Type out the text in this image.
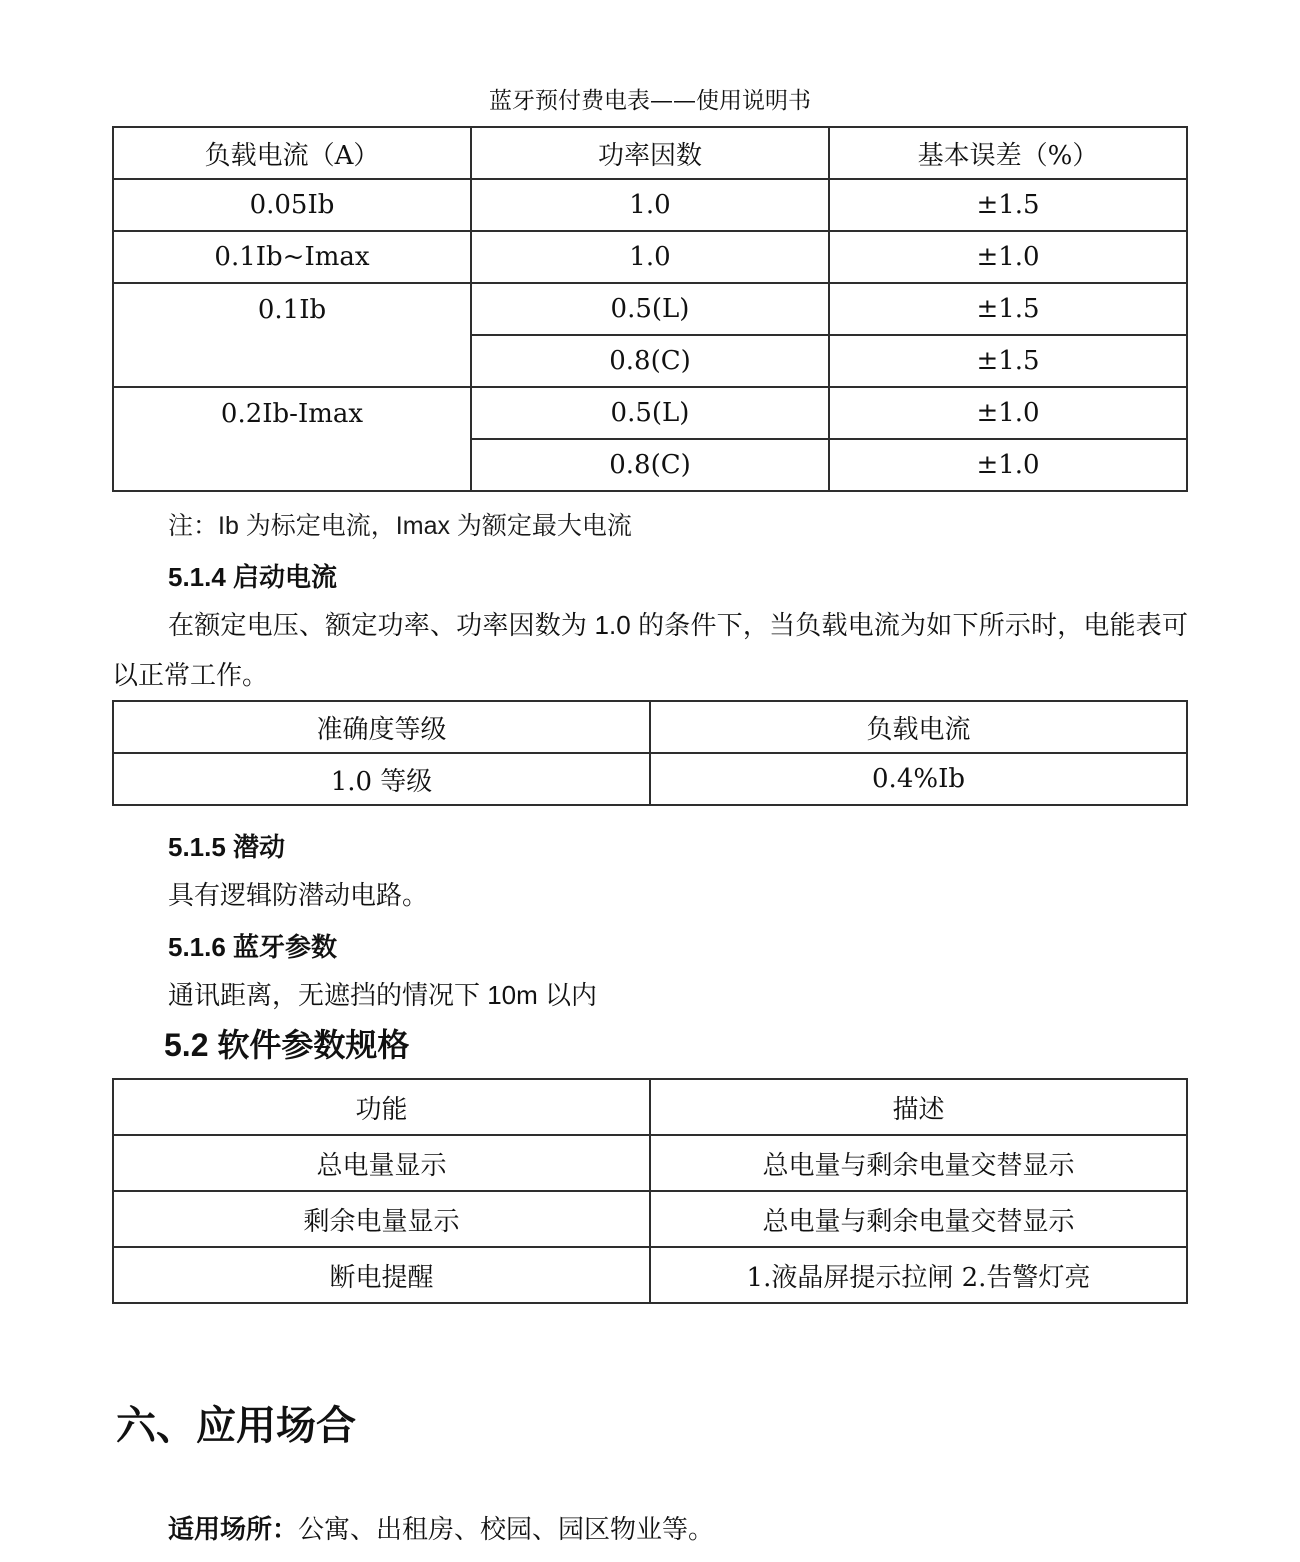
蓝牙预付费电表——使用说明书
负载电流（A）	功率因数	基本误差（%）
0.05Ib	1.0	±1.5
0.1Ib~Imax	1.0	±1.0

0.1Ib	0.5(L)	±1.5
	0.8(C)	±1.5

0.2Ib-Imax	0.5(L)	±1.0
	0.8(C)	±1.0

注：Ib 为标定电流，Imax 为额定最大电流

5.1.4 启动电流

在额定电压、额定功率、功率因数为 1.0 的条件下，当负载电流为如下所示时，电能表可以正常工作。

准确度等级	负载电流
1.0 等级	0.4%Ib

5.1.5 潜动

具有逻辑防潜动电路。

5.1.6 蓝牙参数

通讯距离，无遮挡的情况下 10m 以内

5.2 软件参数规格

功能	描述
总电量显示	总电量与剩余电量交替显示
剩余电量显示	总电量与剩余电量交替显示
断电提醒	1.液晶屏提示拉闸 2.告警灯亮

六、应用场合

适用场所：公寓、出租房、校园、园区物业等。
